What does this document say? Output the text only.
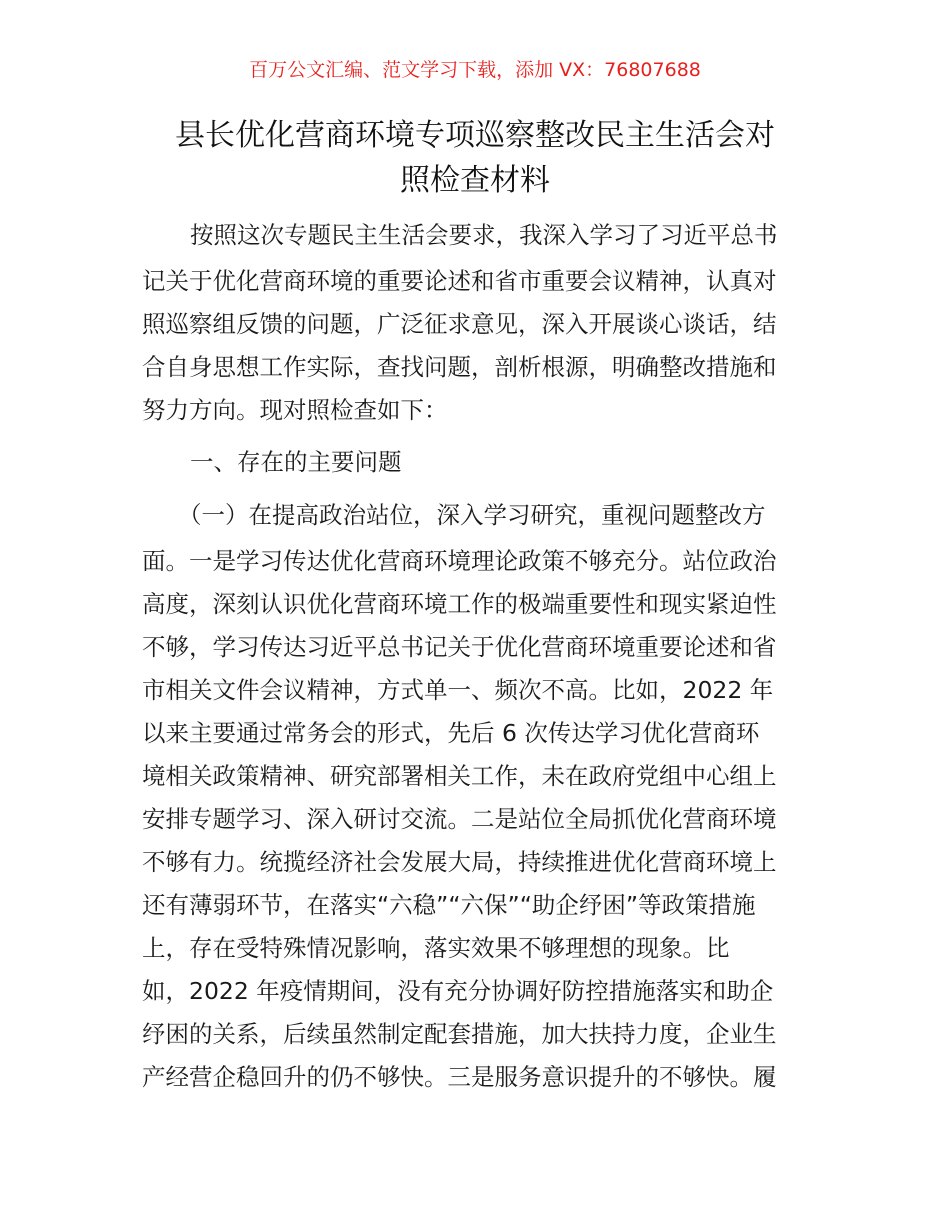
百万公文汇编、范文学习下载，添加 VX：76807688
县长优化营商环境专项巡察整改民主生活会对
照检查材料
按照这次专题民主生活会要求，我深入学习了习近平总书
记关于优化营商环境的重要论述和省市重要会议精神，认真对
照巡察组反馈的问题，广泛征求意见，深入开展谈心谈话，结
合自身思想工作实际，查找问题，剖析根源，明确整改措施和
努力方向。现对照检查如下：
一、存在的主要问题
（一）在提高政治站位，深入学习研究，重视问题整改方
面。一是学习传达优化营商环境理论政策不够充分。站位政治
高度，深刻认识优化营商环境工作的极端重要性和现实紧迫性
不够，学习传达习近平总书记关于优化营商环境重要论述和省
市相关文件会议精神，方式单一、频次不高。比如，2022 年
以来主要通过常务会的形式，先后 6 次传达学习优化营商环
境相关政策精神、研究部署相关工作，未在政府党组中心组上
安排专题学习、深入研讨交流。二是站位全局抓优化营商环境
不够有力。统揽经济社会发展大局，持续推进优化营商环境上
还有薄弱环节，在落实“六稳”“六保”“助企纾困”等政策措施
上，存在受特殊情况影响，落实效果不够理想的现象。比
如，2022 年疫情期间，没有充分协调好防控措施落实和助企
纾困的关系，后续虽然制定配套措施，加大扶持力度，企业生
产经营企稳回升的仍不够快。三是服务意识提升的不够快。履
